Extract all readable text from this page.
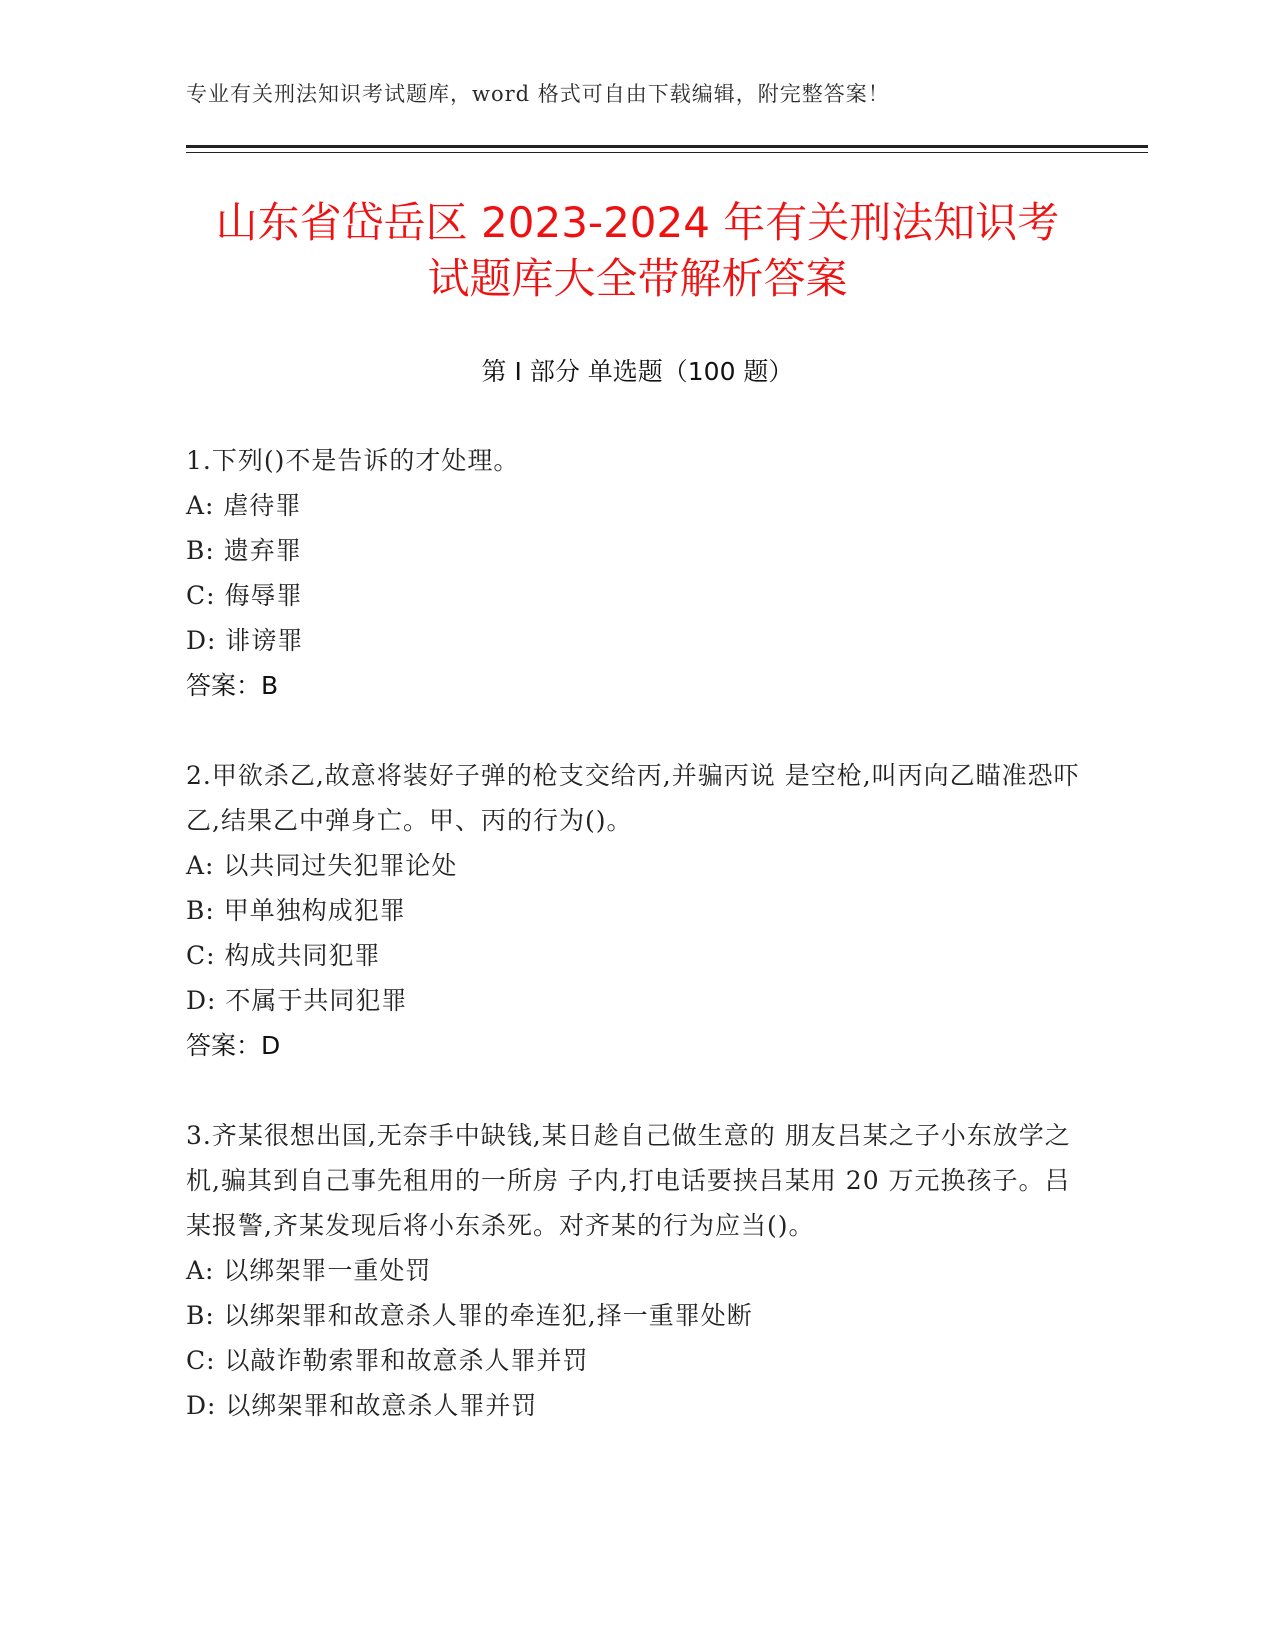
专业有关刑法知识考试题库，word 格式可自由下载编辑，附完整答案！
山东省岱岳区 2023-2024 年有关刑法知识考
试题库大全带解析答案
第 I 部分 单选题（100 题）

1.下列()不是告诉的才处理。

A: 虐待罪
B: 遗弃罪
C: 侮辱罪
D: 诽谤罪
答案：B

2.甲欲杀乙,故意将装好子弹的枪支交给丙,并骗丙说 是空枪,叫丙向乙瞄准恐吓乙,结果乙中弹身亡。甲、丙的行为()。

A: 以共同过失犯罪论处
B: 甲单独构成犯罪
C: 构成共同犯罪
D: 不属于共同犯罪
答案：D

3.齐某很想出国,无奈手中缺钱,某日趁自己做生意的 朋友吕某之子小东放学之机,骗其到自己事先租用的一所房 子内,打电话要挟吕某用 20 万元换孩子。吕某报警,齐某发现后将小东杀死。对齐某的行为应当()。

A: 以绑架罪一重处罚
B: 以绑架罪和故意杀人罪的牵连犯,择一重罪处断
C: 以敲诈勒索罪和故意杀人罪并罚
D: 以绑架罪和故意杀人罪并罚
